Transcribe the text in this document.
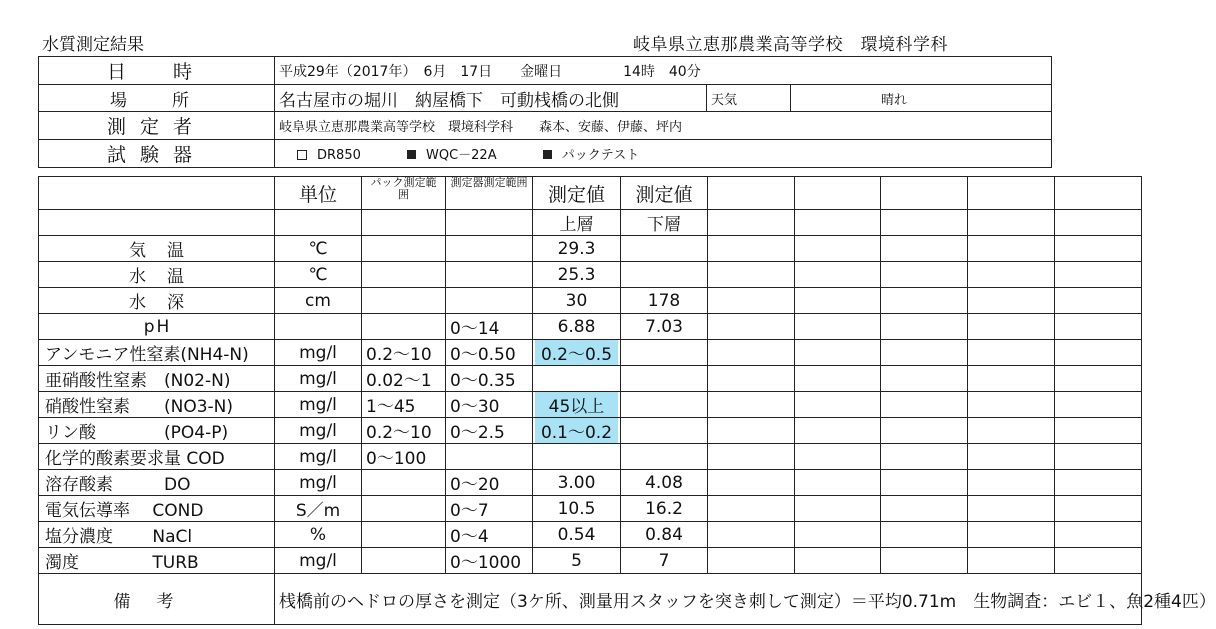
水質測定結果	岐阜県立恵那農業高等学校　環境科学科
日　時	平成29年（2017年）　6月　17日　　金曜日 14時　40分		
場　所	名古屋市の堀川　納屋橋下　可動桟橋の北側	天気	晴れ
測定者	岐阜県立恵那農業高等学校　環境科学科　　森本、安藤、伊藤、坪内		
試験器	DR850 WQC－22A パックテスト		
	単位	パック測定範囲	測定器測定範囲	測定値	測定値					
				上層	下層					
気　温	℃			29.3						
水　温	℃			25.3						
水　深	cm			30	178					
pH			0～14	6.88	7.03					
アンモニア性窒素(NH4-N)	mg/l	0.2～10	0～0.50	0.2～0.5						

亜硝酸性窒素　(N02-N)	mg/l	0.02～1	0～0.35							
硝酸性窒素　　(NO3-N)	mg/l	1～45	0～30	45以上						

リン酸　　　　(PO4-P)	mg/l	0.2～10	0～2.5	0.1～0.2						

化学的酸素要求量 COD	mg/l	0～100								
溶存酸素　　　DO	mg/l		0～20	3.00	4.08					
電気伝導率　 COND	S／m		0～7	10.5	16.2					
塩分濃度　　 NaCl	%		0～4	0.54	0.84					
濁度　　　　 TURB	mg/l		0～1000	5	7					
備考	桟橋前のヘドロの厚さを測定（3ケ所、測量用スタッフを突き刺して測定）＝平均0.71m　生物調査：エビ１、魚2種4匹）									
